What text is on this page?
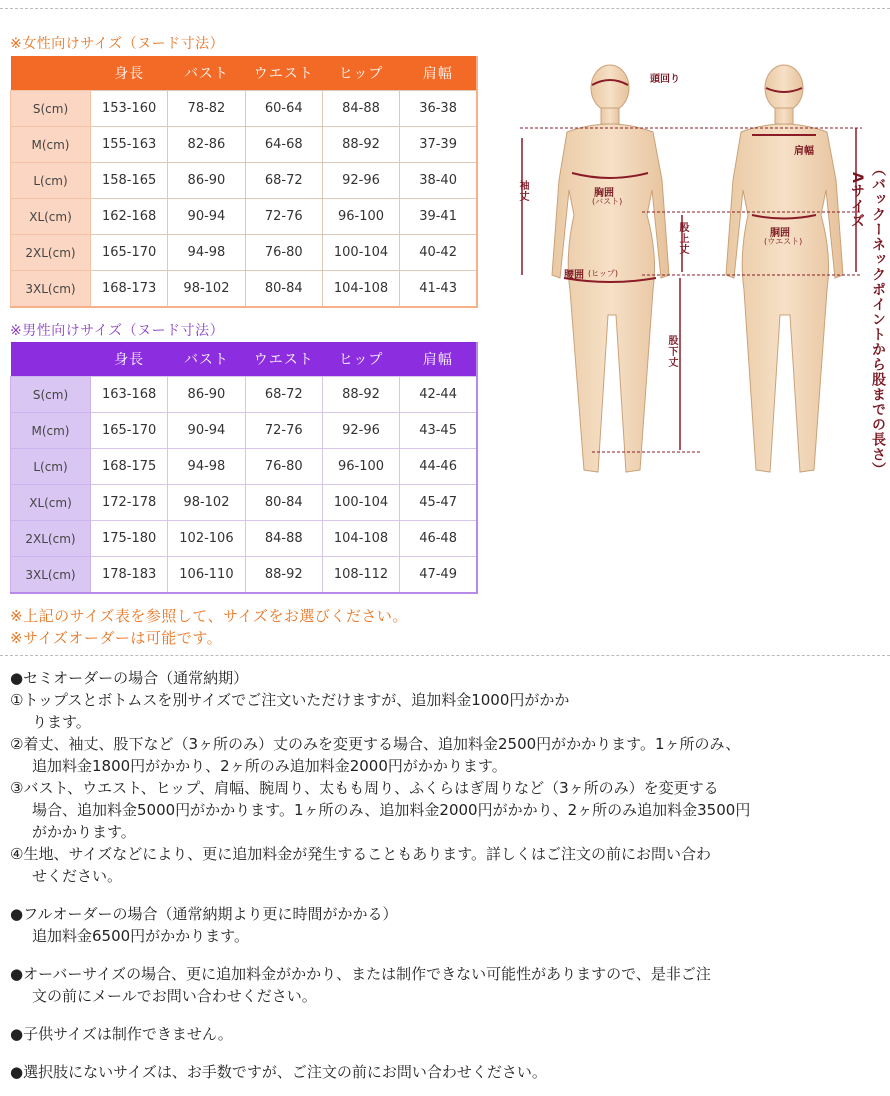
※女性向けサイズ（ヌード寸法）
	身長	バスト	ウエスト	ヒップ	肩幅
S(cm)	153-160	78-82	60-64	84-88	36-38
M(cm)	155-163	82-86	64-68	88-92	37-39
L(cm)	158-165	86-90	68-72	92-96	38-40
XL(cm)	162-168	90-94	72-76	96-100	39-41
2XL(cm)	165-170	94-98	76-80	100-104	40-42
3XL(cm)	168-173	98-102	80-84	104-108	41-43
※男性向けサイズ（ヌード寸法）
	身長	バスト	ウエスト	ヒップ	肩幅
S(cm)	163-168	86-90	68-72	88-92	42-44
M(cm)	165-170	90-94	72-76	92-96	43-45
L(cm)	168-175	94-98	76-80	96-100	44-46
XL(cm)	172-178	98-102	80-84	100-104	45-47
2XL(cm)	175-180	102-106	84-88	104-108	46-48
3XL(cm)	178-183	106-110	88-92	108-112	47-49
頭回り
肩幅
袖丈	胸囲
(バスト)
股上丈	胴囲
(ウエスト)
腰囲 (ヒップ)
股下丈
Aサイズ （バックーネックポイントから股までの長さ）
※上記のサイズ表を参照して、サイズをお選びください。
※サイズオーダーは可能です。

●セミオーダーの場合（通常納期）

①トップスとボトムスを別サイズでご注文いただけますが、追加料金1000円がかか

ります。

②着丈、袖丈、股下など（3ヶ所のみ）丈のみを変更する場合、追加料金2500円がかかります。1ヶ所のみ、

追加料金1800円がかかり、2ヶ所のみ追加料金2000円がかかります。

③バスト、ウエスト、ヒップ、肩幅、腕周り、太もも周り、ふくらはぎ周りなど（3ヶ所のみ）を変更する

場合、追加料金5000円がかかります。1ヶ所のみ、追加料金2000円がかかり、2ヶ所のみ追加料金3500円

がかかります。

④生地、サイズなどにより、更に追加料金が発生することもあります。詳しくはご注文の前にお問い合わ

せください。

●フルオーダーの場合（通常納期より更に時間がかかる）

追加料金6500円がかかります。

●オーバーサイズの場合、更に追加料金がかかり、または制作できない可能性がありますので、是非ご注

文の前にメールでお問い合わせください。

●子供サイズは制作できません。

●選択肢にないサイズは、お手数ですが、ご注文の前にお問い合わせください。
